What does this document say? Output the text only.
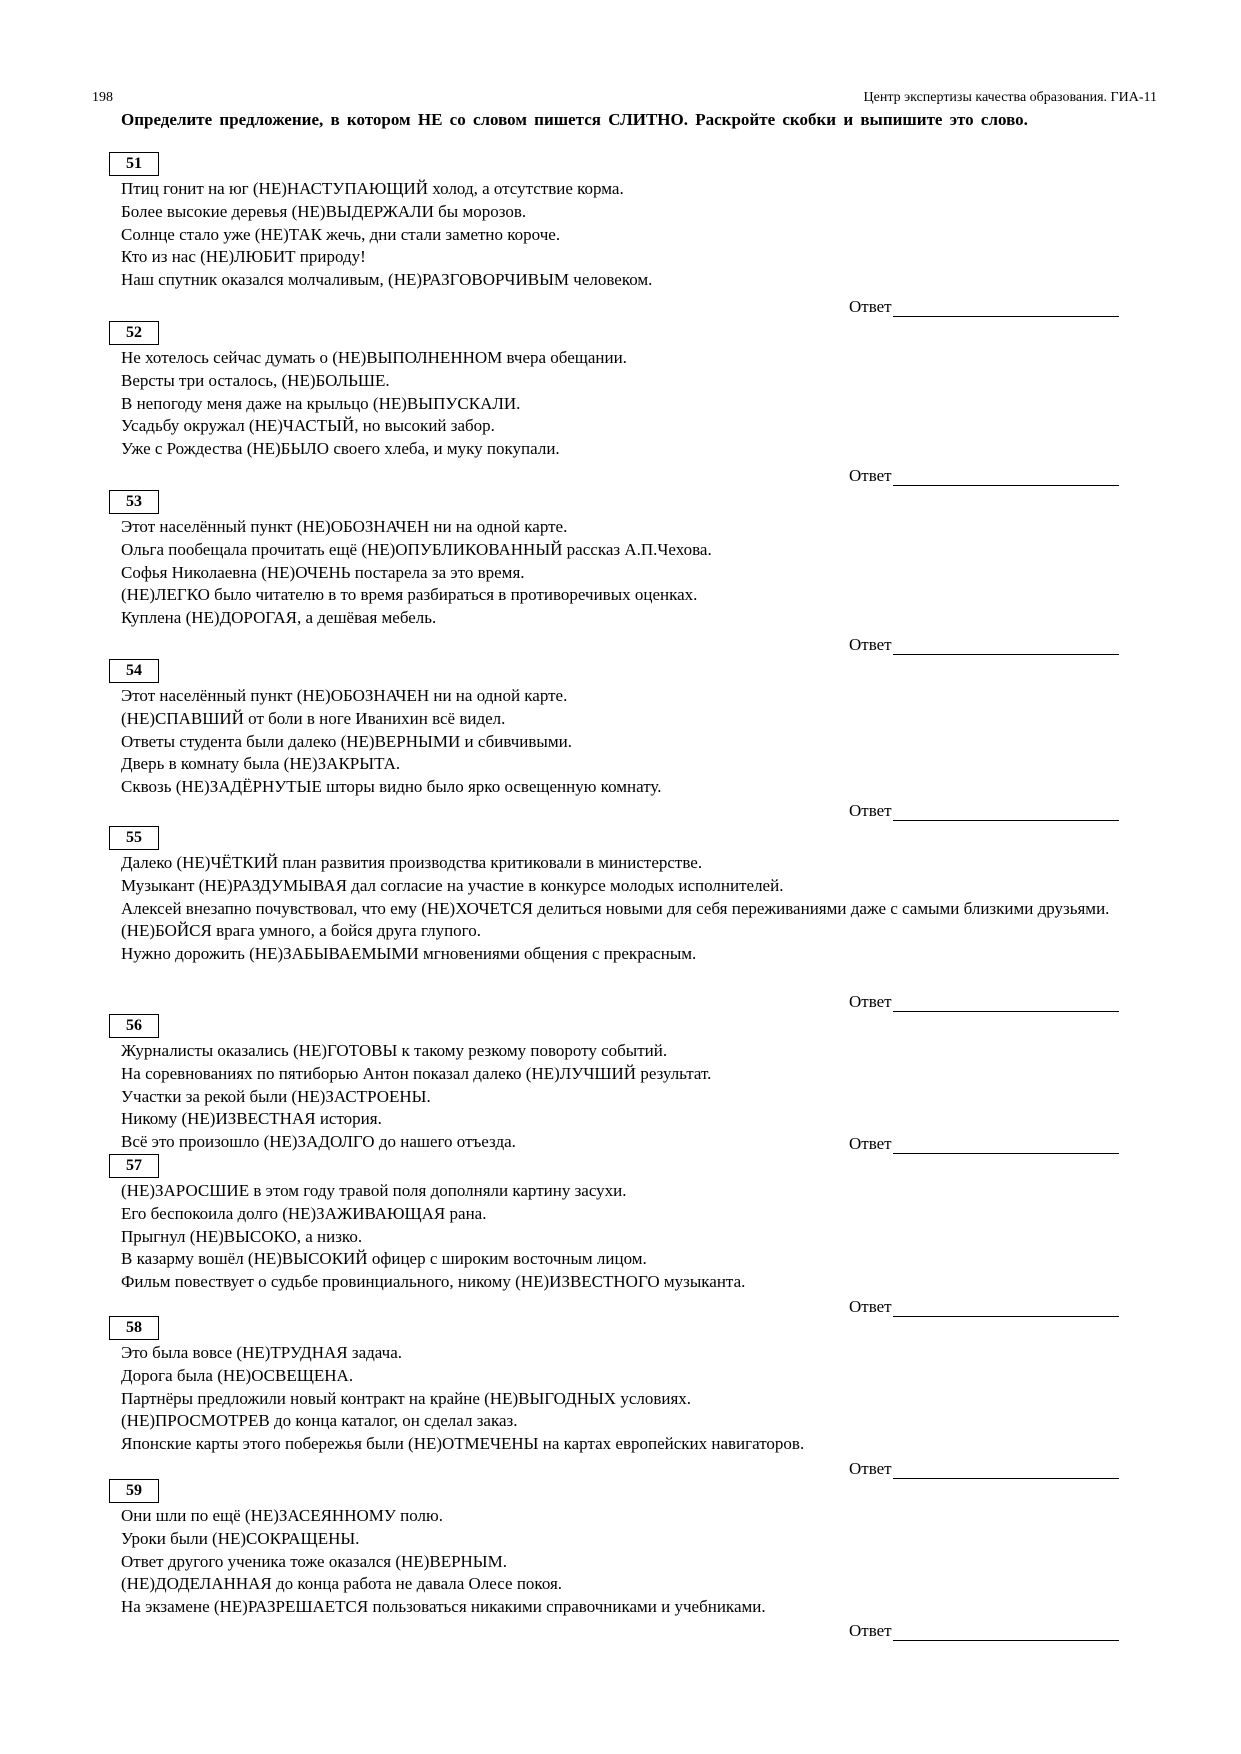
198	Центр экспертизы качества образования. ГИА-11
Определите предложение, в котором НЕ со словом пишется СЛИТНО. Раскройте скобки и выпишите это слово.
51
Птиц гонит на юг (НЕ)НАСТУПАЮЩИЙ холод, а отсутствие корма.
Более высокие деревья (НЕ)ВЫДЕРЖАЛИ бы морозов.
Солнце стало уже (НЕ)ТАК жечь, дни стали заметно короче.
Кто из нас (НЕ)ЛЮБИТ природу!
Наш спутник оказался молчаливым, (НЕ)РАЗГОВОРЧИВЫМ человеком.
Ответ
52
Не хотелось сейчас думать о (НЕ)ВЫПОЛНЕННОМ вчера обещании.
Версты три осталось, (НЕ)БОЛЬШЕ.
В непогоду меня даже на крыльцо (НЕ)ВЫПУСКАЛИ.
Усадьбу окружал (НЕ)ЧАСТЫЙ, но высокий забор.
Уже с Рождества (НЕ)БЫЛО своего хлеба, и муку покупали.
Ответ
53
Этот населённый пункт (НЕ)ОБОЗНАЧЕН ни на одной карте.
Ольга пообещала прочитать ещё (НЕ)ОПУБЛИКОВАННЫЙ рассказ А.П.Чехова.
Софья Николаевна (НЕ)ОЧЕНЬ постарела за это время.
(НЕ)ЛЕГКО было читателю в то время разбираться в противоречивых оценках.
Куплена (НЕ)ДОРОГАЯ, а дешёвая мебель.
Ответ
54
Этот населённый пункт (НЕ)ОБОЗНАЧЕН ни на одной карте.
(НЕ)СПАВШИЙ от боли в ноге Иванихин всё видел.
Ответы студента были далеко (НЕ)ВЕРНЫМИ и сбивчивыми.
Дверь в комнату была (НЕ)ЗАКРЫТА.
Сквозь (НЕ)ЗАДЁРНУТЫЕ шторы видно было ярко освещенную комнату.
Ответ
55
Далеко (НЕ)ЧЁТКИЙ план развития производства критиковали в министерстве.
Музыкант (НЕ)РАЗДУМЫВАЯ дал согласие на участие в конкурсе молодых исполнителей.
Алексей внезапно почувствовал, что ему (НЕ)ХОЧЕТСЯ делиться новыми для себя переживаниями даже с самыми близкими друзьями.
(НЕ)БОЙСЯ врага умного, а бойся друга глупого.
Нужно дорожить (НЕ)ЗАБЫВАЕМЫМИ мгновениями общения с прекрасным.
Ответ
56
Журналисты оказались (НЕ)ГОТОВЫ к такому резкому повороту событий.
На соревнованиях по пятиборью Антон показал далеко (НЕ)ЛУЧШИЙ результат.
Участки за рекой были (НЕ)ЗАСТРОЕНЫ.
Никому (НЕ)ИЗВЕСТНАЯ история.
Всё это произошло (НЕ)ЗАДОЛГО до нашего отъезда.	Ответ
57
(НЕ)ЗАРОСШИЕ в этом году травой поля дополняли картину засухи.
Его беспокоила долго (НЕ)ЗАЖИВАЮЩАЯ рана.
Прыгнул (НЕ)ВЫСОКО, а низко.
В казарму вошёл (НЕ)ВЫСОКИЙ офицер с широким восточным лицом.
Фильм повествует о судьбе провинциального, никому (НЕ)ИЗВЕСТНОГО музыканта.
Ответ
58
Это была вовсе (НЕ)ТРУДНАЯ задача.
Дорога была (НЕ)ОСВЕЩЕНА.
Партнёры предложили новый контракт на крайне (НЕ)ВЫГОДНЫХ условиях.
(НЕ)ПРОСМОТРЕВ до конца каталог, он сделал заказ.
Японские карты этого побережья были (НЕ)ОТМЕЧЕНЫ на картах европейских навигаторов.
Ответ
59
Они шли по ещё (НЕ)ЗАСЕЯННОМУ полю.
Уроки были (НЕ)СОКРАЩЕНЫ.
Ответ другого ученика тоже оказался (НЕ)ВЕРНЫМ.
(НЕ)ДОДЕЛАННАЯ до конца работа не давала Олесе покоя.
На экзамене (НЕ)РАЗРЕШАЕТСЯ пользоваться никакими справочниками и учебниками.
Ответ
